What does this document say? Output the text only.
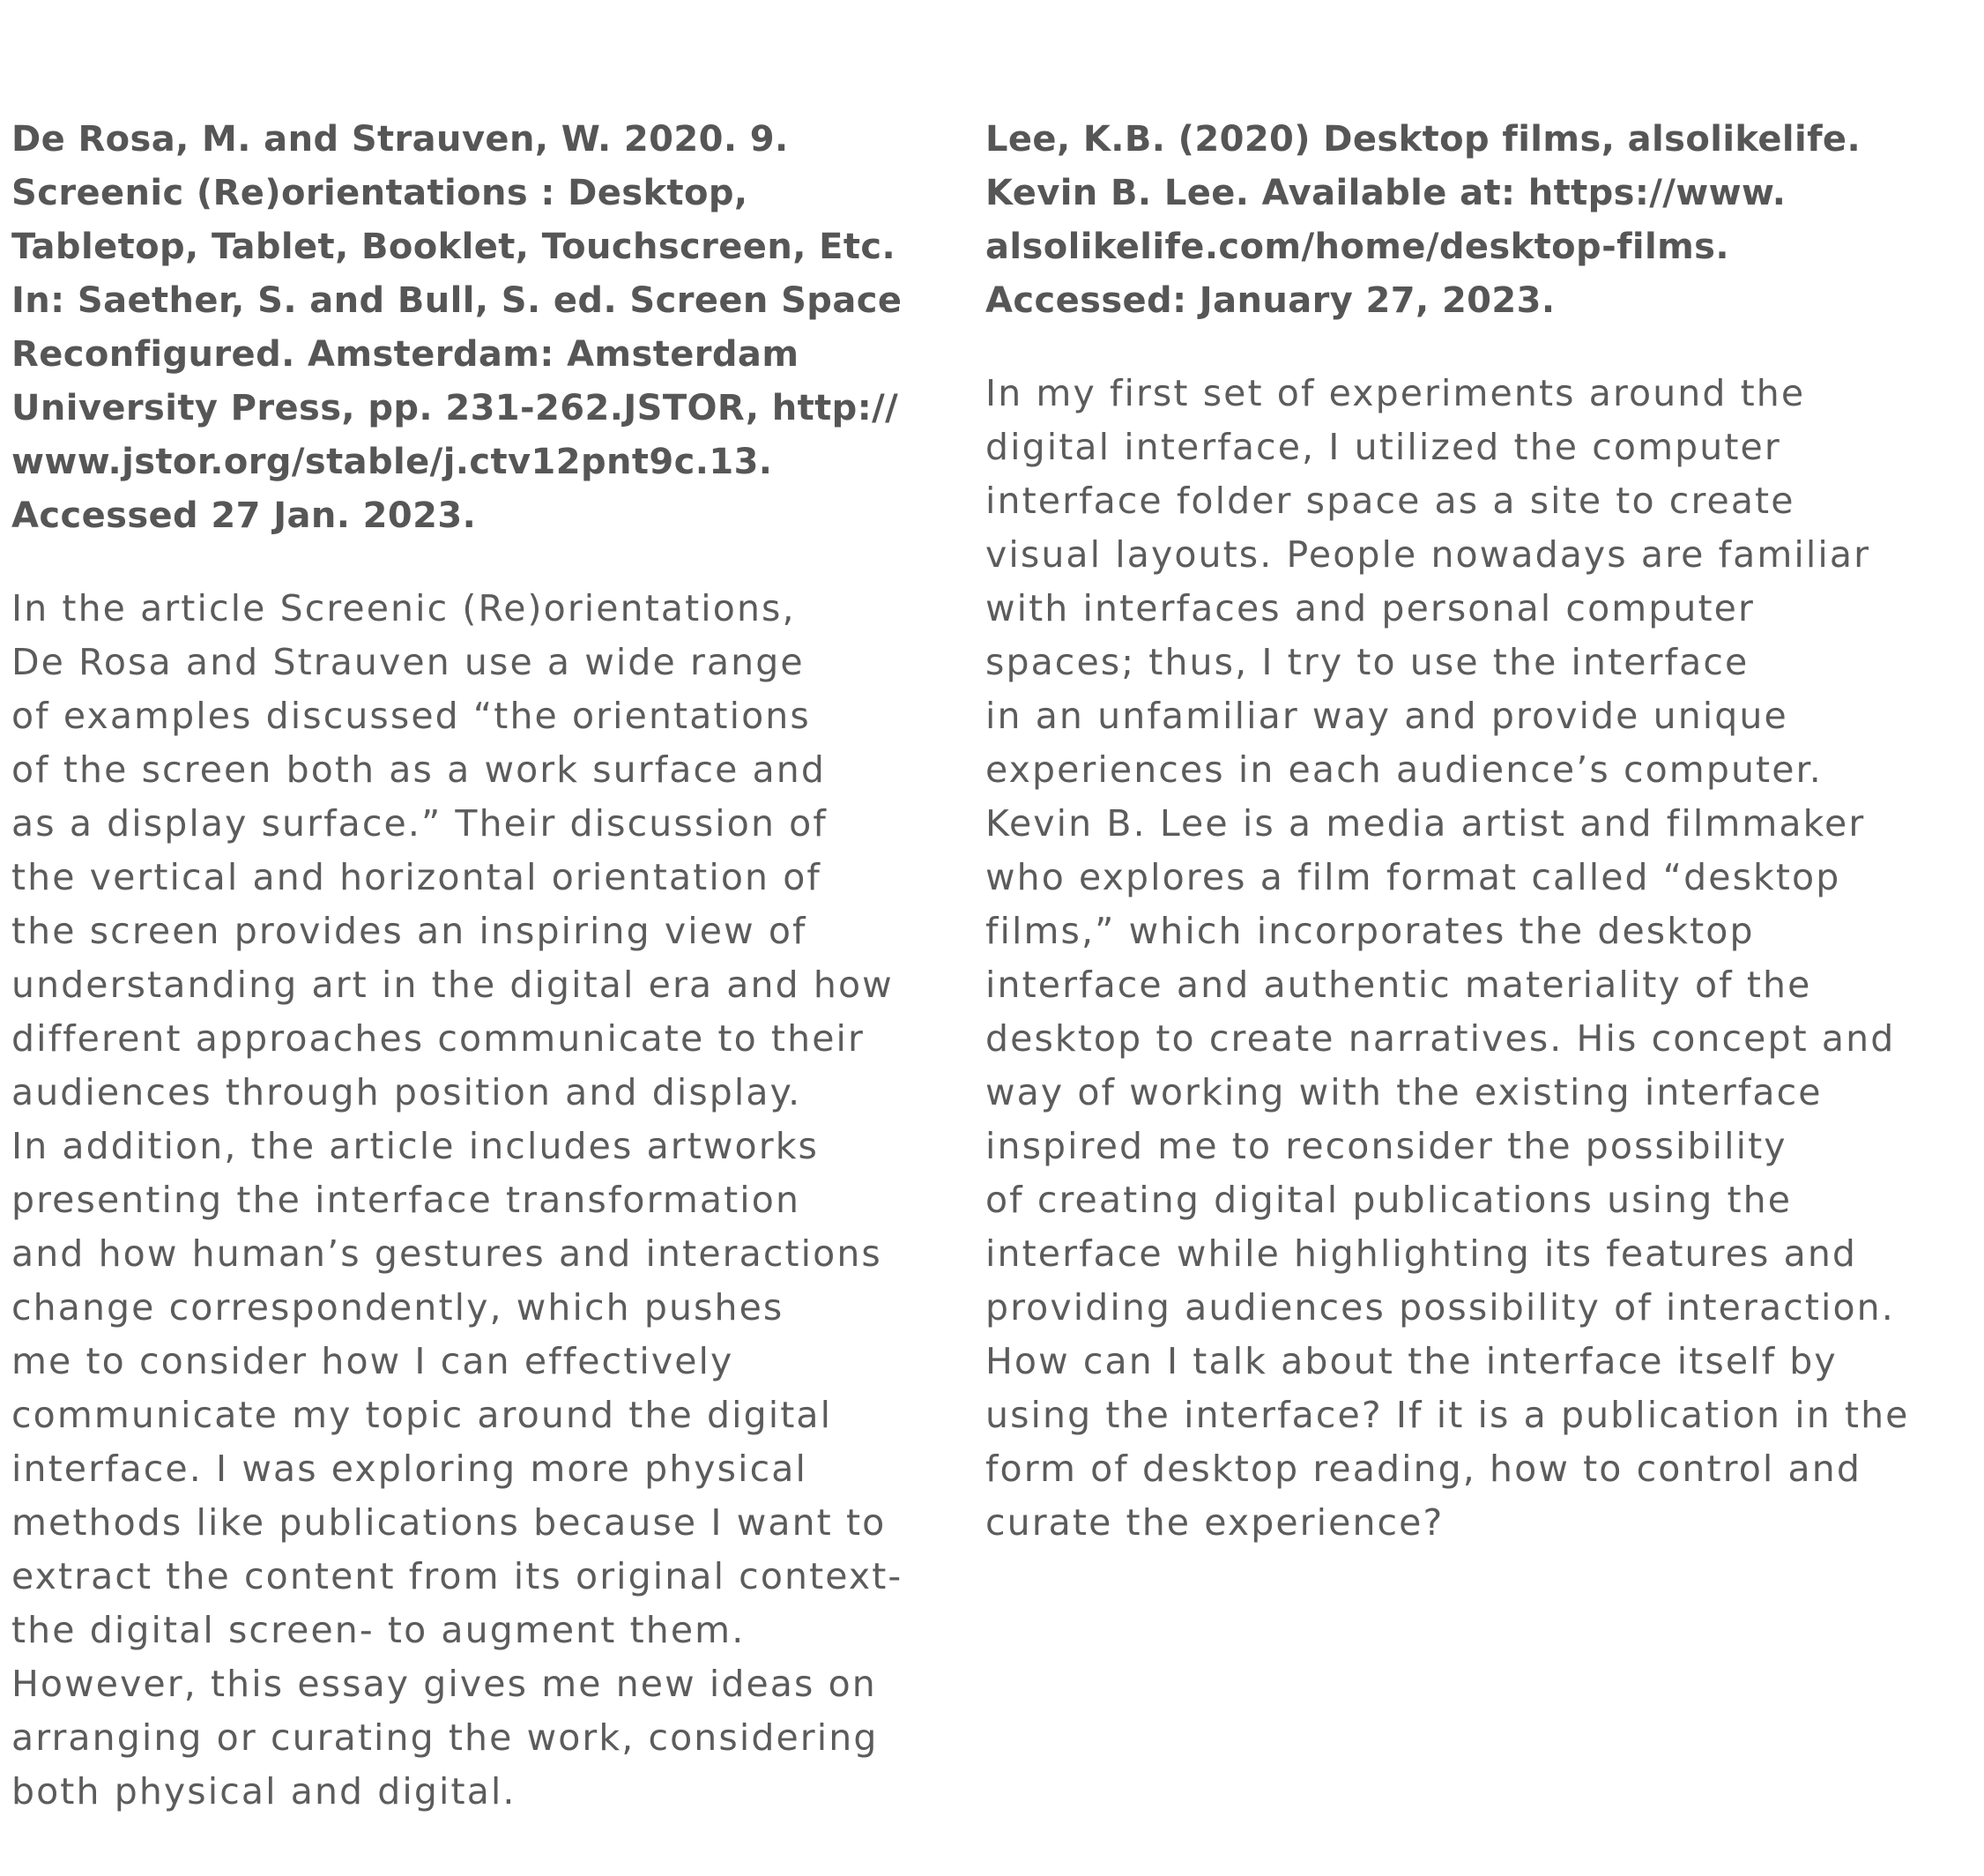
De Rosa, M. and Strauven, W. 2020. 9.
Screenic (Re)orientations : Desktop,
Tabletop, Tablet, Booklet, Touchscreen, Etc.
In: Saether, S. and Bull, S. ed. Screen Space
Reconfigured. Amsterdam: Amsterdam
University Press, pp. 231-262.JSTOR, http://
www.jstor.org/stable/j.ctv12pnt9c.13.
Accessed 27 Jan. 2023.

In the article Screenic (Re)orientations,
De Rosa and Strauven use a wide range
of examples discussed “the orientations
of the screen both as a work surface and
as a display surface.” Their discussion of
the vertical and horizontal orientation of
the screen provides an inspiring view of
understanding art in the digital era and how
different approaches communicate to their
audiences through position and display.
In addition, the article includes artworks
presenting the interface transformation
and how human’s gestures and interactions
change correspondently, which pushes
me to consider how I can effectively
communicate my topic around the digital
interface. I was exploring more physical
methods like publications because I want to
extract the content from its original context-
the digital screen- to augment them.
However, this essay gives me new ideas on
arranging or curating the work, considering
both physical and digital.

Lee, K.B. (2020) Desktop films, alsolikelife.
Kevin B. Lee. Available at: https://www.
alsolikelife.com/home/desktop-films.
Accessed: January 27, 2023.

In my first set of experiments around the
digital interface, I utilized the computer
interface folder space as a site to create
visual layouts. People nowadays are familiar
with interfaces and personal computer
spaces; thus, I try to use the interface
in an unfamiliar way and provide unique
experiences in each audience’s computer.
Kevin B. Lee is a media artist and filmmaker
who explores a film format called “desktop
films,” which incorporates the desktop
interface and authentic materiality of the
desktop to create narratives. His concept and
way of working with the existing interface
inspired me to reconsider the possibility
of creating digital publications using the
interface while highlighting its features and
providing audiences possibility of interaction.
How can I talk about the interface itself by
using the interface? If it is a publication in the
form of desktop reading, how to control and
curate the experience?
